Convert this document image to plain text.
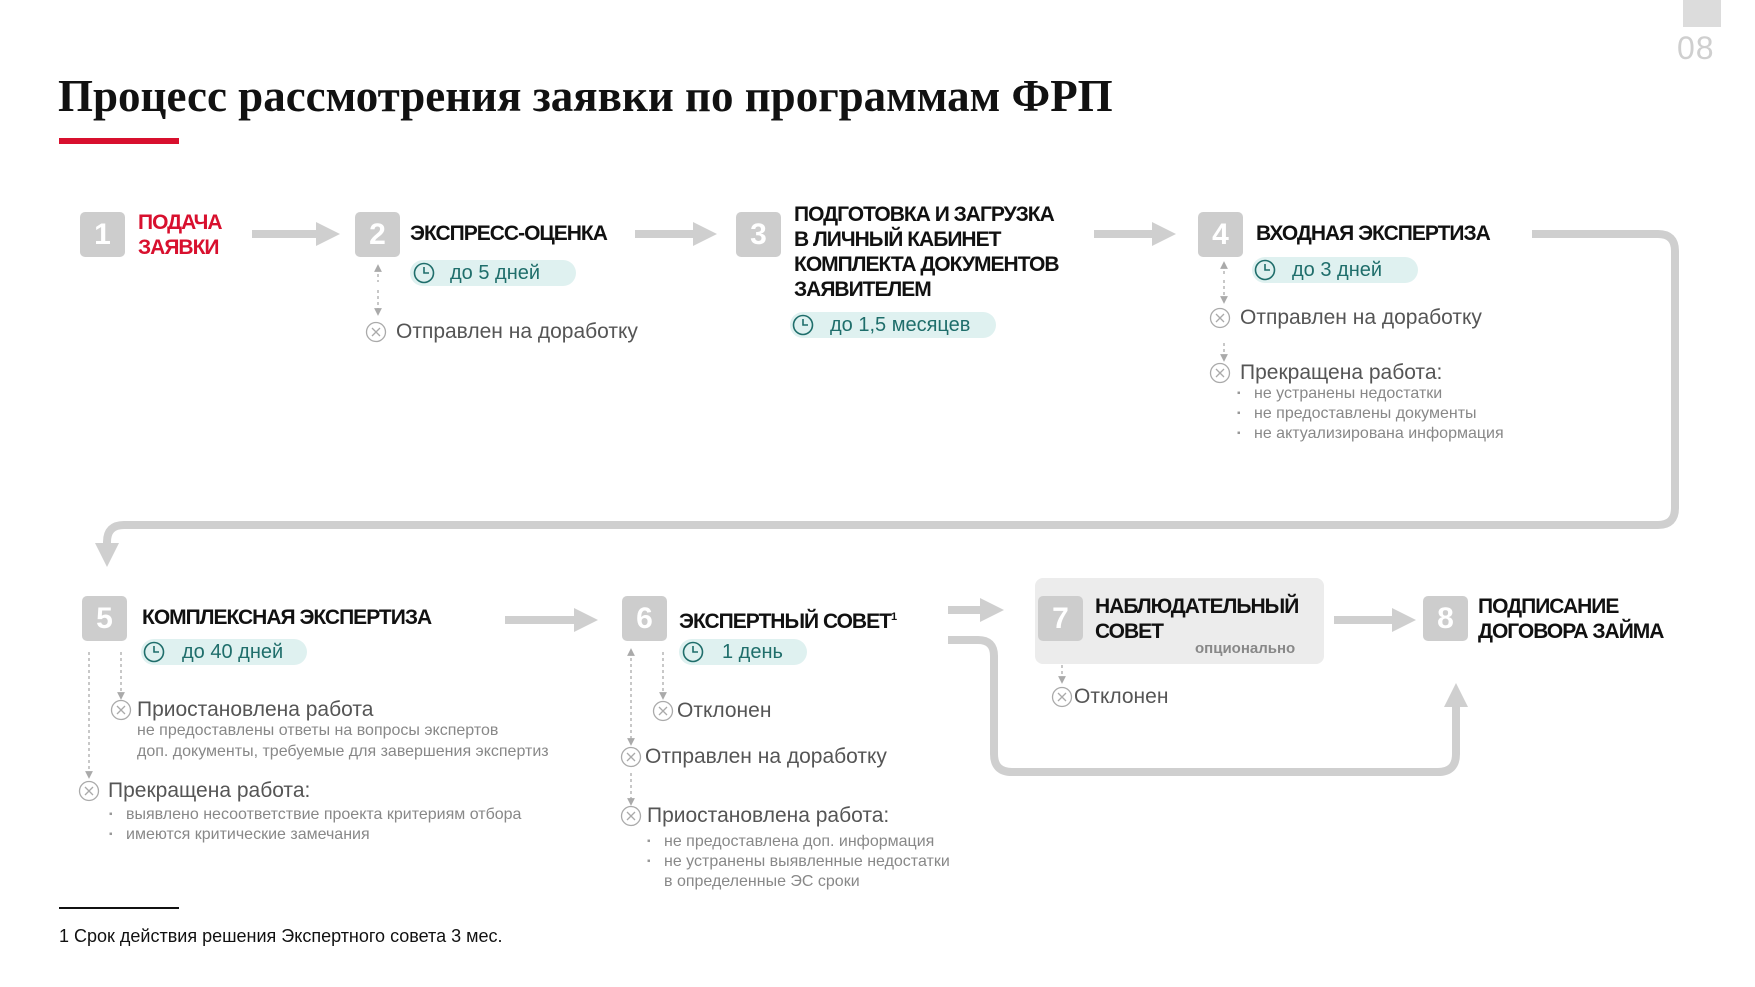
08
Процесс рассмотрения заявки по программам ФРП
опционально
1	ПОДАЧА
ЗАЯВКИ	2	ЭКСПРЕСС-ОЦЕНКА	3
ПОДГОТОВКА И ЗАГРУЗКА
В ЛИЧНЫЙ КАБИНЕТ
КОМПЛЕКТА ДОКУМЕНТОВ
ЗАЯВИТЕЛЕМ
4	ВХОДНАЯ ЭКСПЕРТИЗА
5	КОМПЛЕКСНАЯ ЭКСПЕРТИЗА	6	ЭКСПЕРТНЫЙ СОВЕТ$^1$	7	НАБЛЮДАТЕЛЬНЫЙ
СОВЕТ	8	ПОДПИСАНИЕ
ДОГОВОРА ЗАЙМА
до 5 дней
до 1,5 месяцев
до 3 дней
до 40 дней	1 день
Отправлен на доработку
Отправлен на доработку
Прекращена работа:
▪ не устранены недостатки
▪ не предоставлены документы
▪ не актуализирована информация
Приостановлена работа
не предоставлены ответы на вопросы экспертов
доп. документы, требуемые для завершения экспертиз
Прекращена работа:
▪ выявлено несоответствие проекта критериям отбора
▪ имеются критические замечания
Отклонен
Отправлен на доработку
Приостановлена работа:
▪ не предоставлена доп. информация
▪ не устранены выявленные недостатки
в определенные ЭС сроки
Отклонен
1 Срок действия решения Экспертного совета 3 мес.
